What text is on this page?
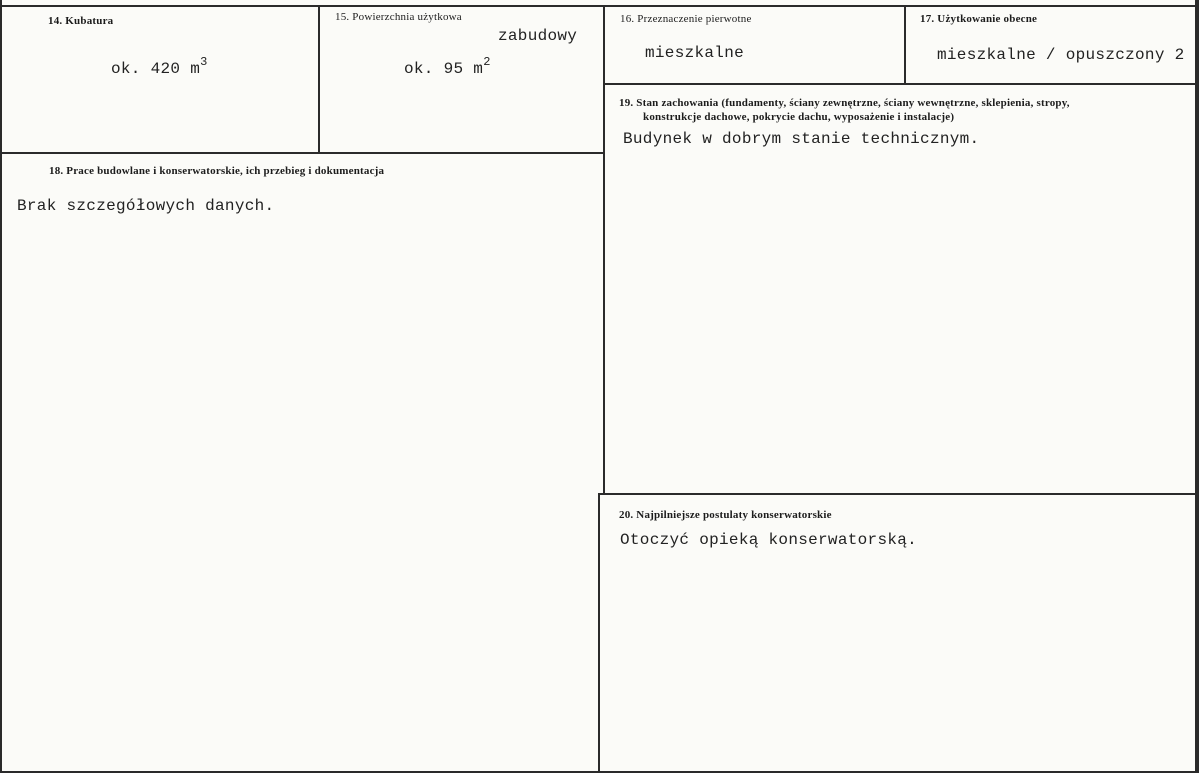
14. Kubatura
ok. 420 $m^3$
15. Powierzchnia użytkowa
zabudowy
ok. 95 $m^2$
16. Przeznaczenie pierwotne
mieszkalne
17. Użytkowanie obecne
mieszkalne / opuszczony 2
18. Prace budowlane i konserwatorskie, ich przebieg i dokumentacja
Brak szczegółowych danych.
19. Stan zachowania (fundamenty, ściany zewnętrzne, ściany wewnętrzne, sklepienia, stropy,
konstrukcje dachowe, pokrycie dachu, wyposażenie i instalacje)
Budynek w dobrym stanie technicznym.
20. Najpilniejsze postulaty konserwatorskie
Otoczyć opieką konserwatorską.
